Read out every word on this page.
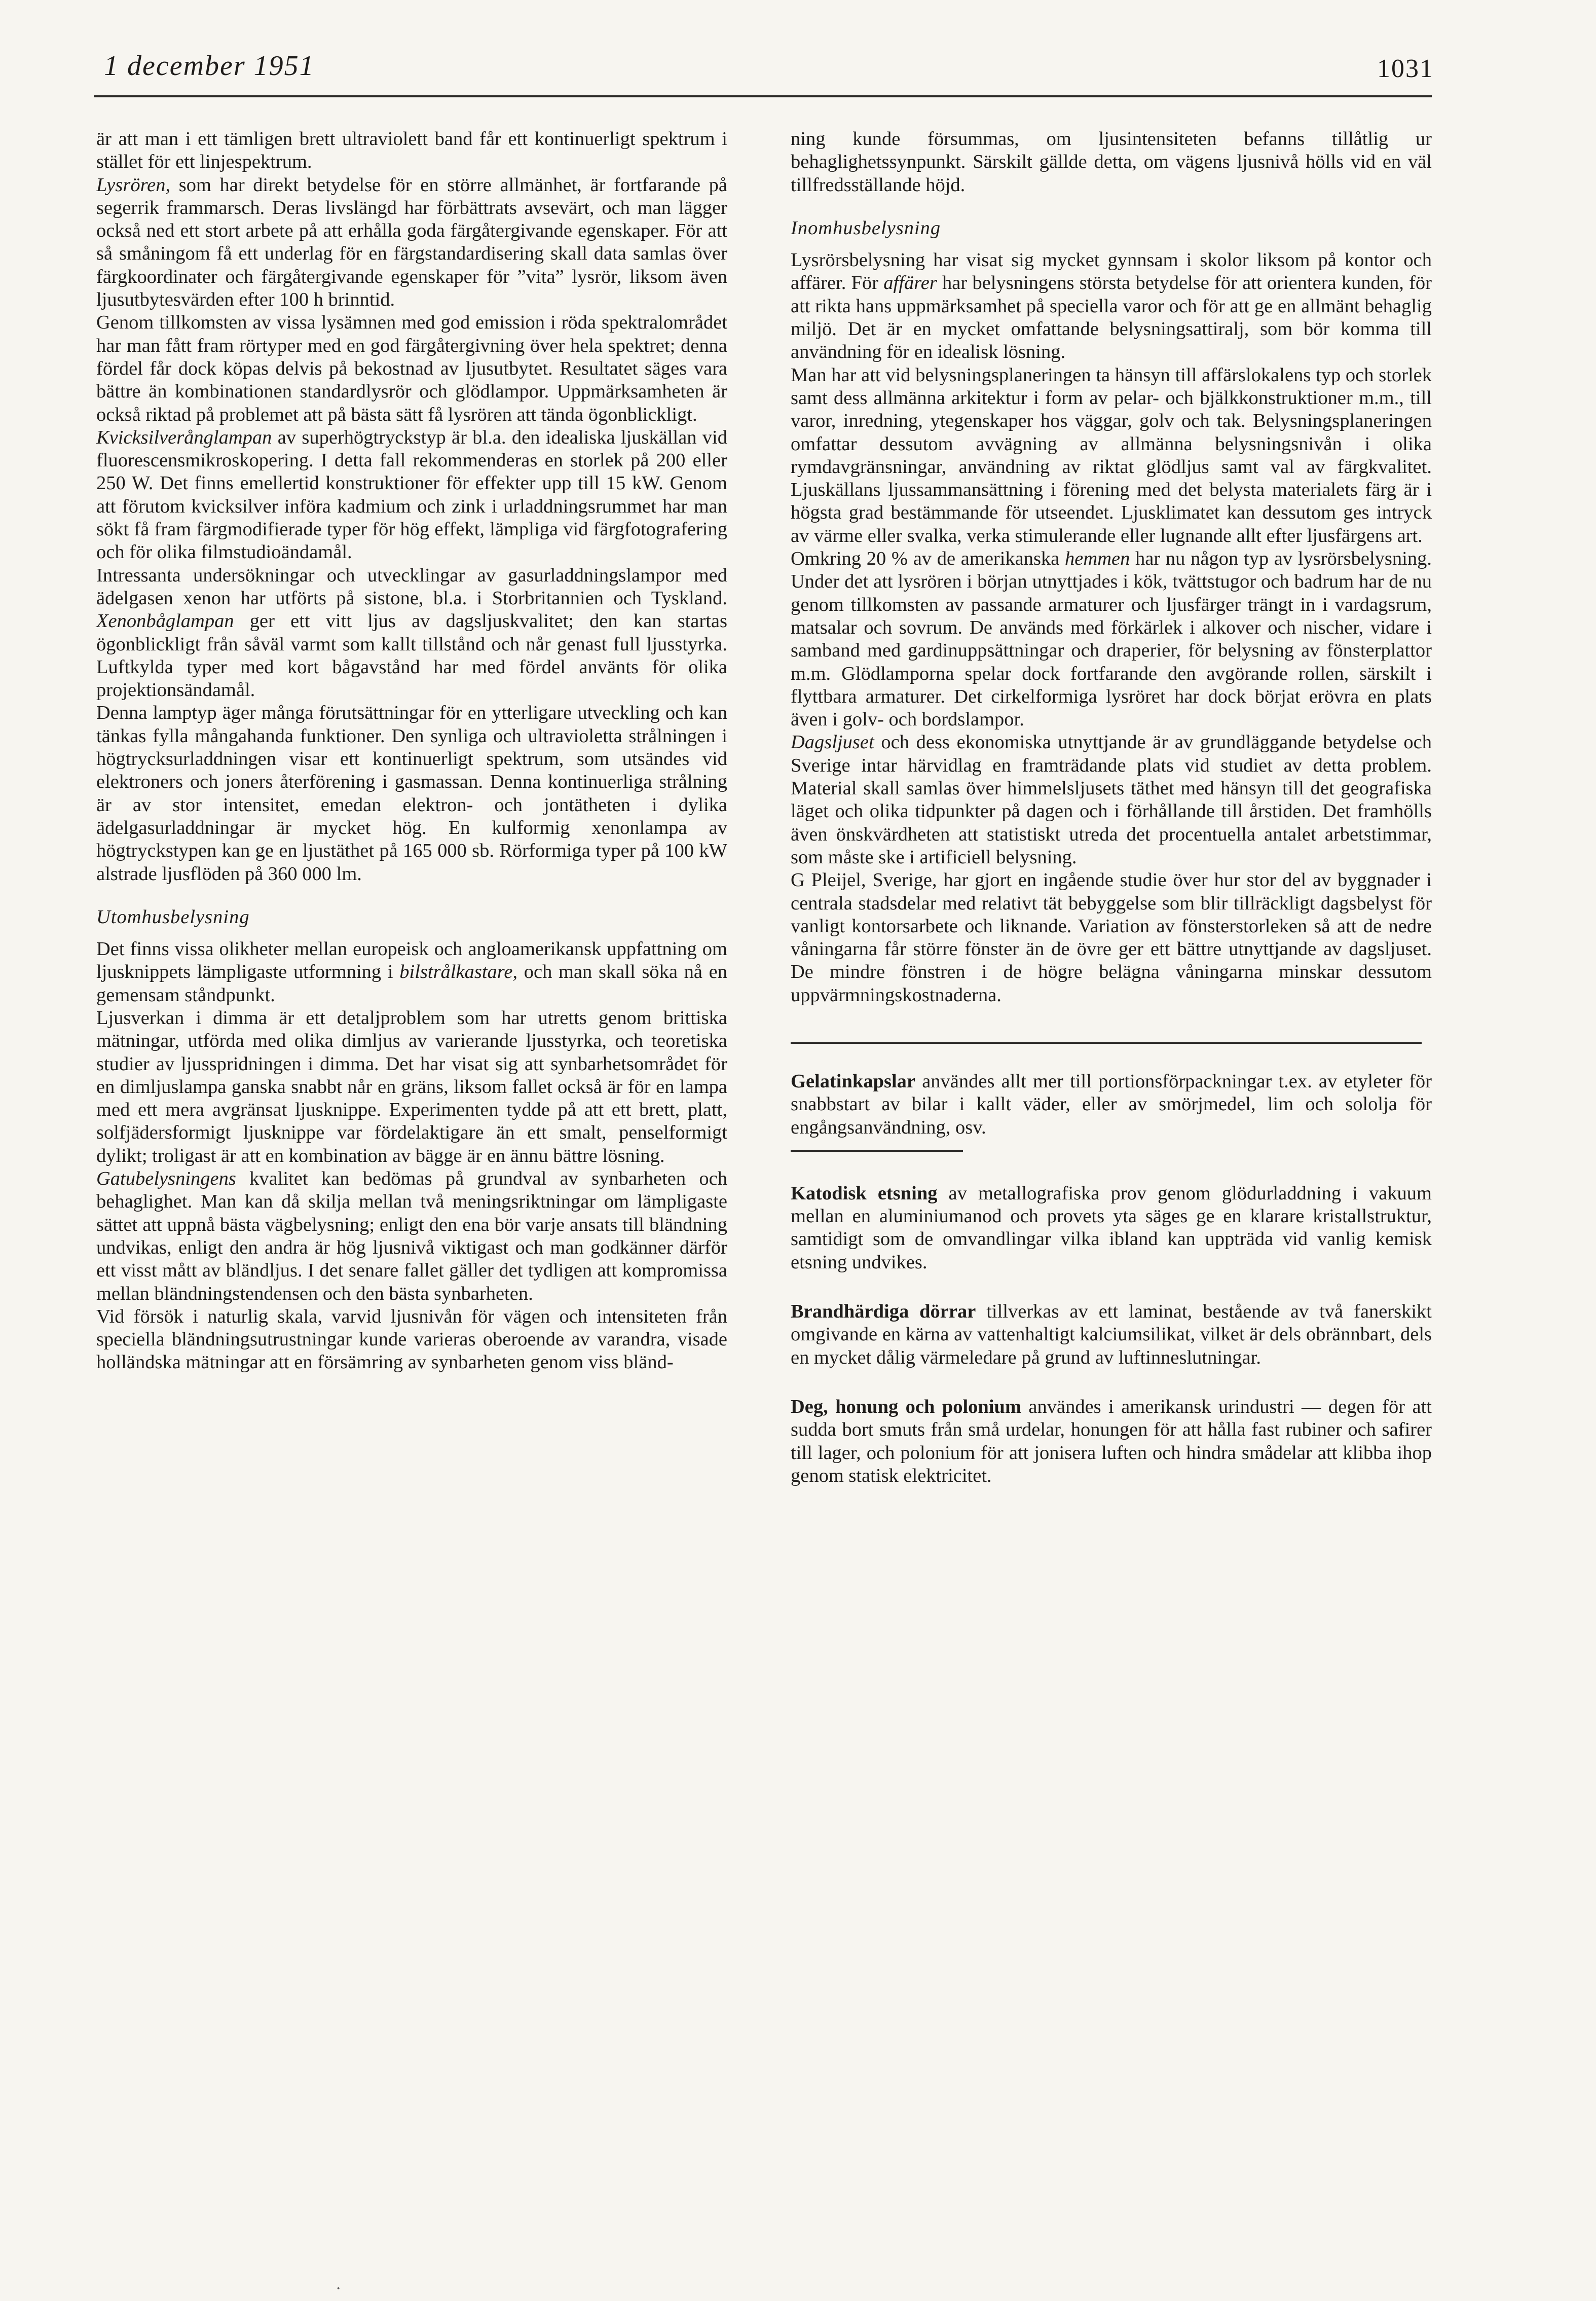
1 december 1951	1031

är att man i ett tämligen brett ultraviolett band får ett kontinuerligt spektrum i stället för ett linjespektrum.

Lysrören, som har direkt betydelse för en större allmänhet, är fortfarande på segerrik frammarsch. Deras livslängd har förbättrats avsevärt, och man lägger också ned ett stort arbete på att erhålla goda färgåtergivande egenskaper. För att så småningom få ett underlag för en färgstandardisering skall data samlas över färgkoordinater och färgåtergivande egenskaper för ”vita” lysrör, liksom även ljusutbytesvärden efter 100 h brinntid.

Genom tillkomsten av vissa lysämnen med god emission i röda spektralområdet har man fått fram rörtyper med en god färgåtergivning över hela spektret; denna fördel får dock köpas delvis på bekostnad av ljusutbytet. Resultatet säges vara bättre än kombinationen standardlysrör och glödlampor. Uppmärksamheten är också riktad på problemet att på bästa sätt få lysrören att tända ögonblickligt.

Kvicksilverånglampan av superhögtryckstyp är bl.a. den idealiska ljuskällan vid fluorescensmikroskopering. I detta fall rekommenderas en storlek på 200 eller 250 W. Det finns emellertid konstruktioner för effekter upp till 15 kW. Genom att förutom kvicksilver införa kadmium och zink i urladdningsrummet har man sökt få fram färgmodifierade typer för hög effekt, lämpliga vid färgfotografering och för olika filmstudioändamål.

Intressanta undersökningar och utvecklingar av gasurladdningslampor med ädelgasen xenon har utförts på sistone, bl.a. i Storbritannien och Tyskland. Xenonbåglampan ger ett vitt ljus av dagsljuskvalitet; den kan startas ögonblickligt från såväl varmt som kallt tillstånd och når genast full ljusstyrka. Luftkylda typer med kort bågavstånd har med fördel använts för olika projektionsändamål.

Denna lamptyp äger många förutsättningar för en ytterligare utveckling och kan tänkas fylla mångahanda funktioner. Den synliga och ultravioletta strålningen i högtrycksurladdningen visar ett kontinuerligt spektrum, som utsändes vid elektroners och joners återförening i gasmassan. Denna kontinuerliga strålning är av stor intensitet, emedan elektron- och jontätheten i dylika ädelgasurladdningar är mycket hög. En kulformig xenonlampa av högtryckstypen kan ge en ljustäthet på 165 000 sb. Rörformiga typer på 100 kW alstrade ljusflöden på 360 000 lm.

Utomhusbelysning

Det finns vissa olikheter mellan europeisk och angloamerikansk uppfattning om ljusknippets lämpligaste utformning i bilstrålkastare, och man skall söka nå en gemensam ståndpunkt.

Ljusverkan i dimma är ett detaljproblem som har utretts genom brittiska mätningar, utförda med olika dimljus av varierande ljusstyrka, och teoretiska studier av ljusspridningen i dimma. Det har visat sig att synbarhetsområdet för en dimljuslampa ganska snabbt når en gräns, liksom fallet också är för en lampa med ett mera avgränsat ljusknippe. Experimenten tydde på att ett brett, platt, solfjädersformigt ljusknippe var fördelaktigare än ett smalt, penselformigt dylikt; troligast är att en kombination av bägge är en ännu bättre lösning.

Gatubelysningens kvalitet kan bedömas på grundval av synbarheten och behaglighet. Man kan då skilja mellan två meningsriktningar om lämpligaste sättet att uppnå bästa vägbelysning; enligt den ena bör varje ansats till bländning undvikas, enligt den andra är hög ljusnivå viktigast och man godkänner därför ett visst mått av bländljus. I det senare fallet gäller det tydligen att kompromissa mellan bländningstendensen och den bästa synbarheten.

Vid försök i naturlig skala, varvid ljusnivån för vägen och intensiteten från speciella bländningsutrustningar kunde varieras oberoende av varandra, visade holländska mätningar att en försämring av synbarheten genom viss bländ-

ning kunde försummas, om ljusintensiteten befanns tillåtlig ur behaglighetssynpunkt. Särskilt gällde detta, om vägens ljusnivå hölls vid en väl tillfredsställande höjd.

Inomhusbelysning

Lysrörsbelysning har visat sig mycket gynnsam i skolor liksom på kontor och affärer. För affärer har belysningens största betydelse för att orientera kunden, för att rikta hans uppmärksamhet på speciella varor och för att ge en allmänt behaglig miljö. Det är en mycket omfattande belysningsattiralj, som bör komma till användning för en idealisk lösning.

Man har att vid belysningsplaneringen ta hänsyn till affärslokalens typ och storlek samt dess allmänna arkitektur i form av pelar- och bjälkkonstruktioner m.m., till varor, inredning, ytegenskaper hos väggar, golv och tak. Belysningsplaneringen omfattar dessutom avvägning av allmänna belysningsnivån i olika rymdavgränsningar, användning av riktat glödljus samt val av färgkvalitet. Ljuskällans ljussammansättning i förening med det belysta materialets färg är i högsta grad bestämmande för utseendet. Ljusklimatet kan dessutom ges intryck av värme eller svalka, verka stimulerande eller lugnande allt efter ljusfärgens art.

Omkring 20 % av de amerikanska hemmen har nu någon typ av lysrörsbelysning. Under det att lysrören i början utnyttjades i kök, tvättstugor och badrum har de nu genom tillkomsten av passande armaturer och ljusfärger trängt in i vardagsrum, matsalar och sovrum. De används med förkärlek i alkover och nischer, vidare i samband med gardinuppsättningar och draperier, för belysning av fönsterplattor m.m. Glödlamporna spelar dock fortfarande den avgörande rollen, särskilt i flyttbara armaturer. Det cirkelformiga lysröret har dock börjat erövra en plats även i golv- och bordslampor.

Dagsljuset och dess ekonomiska utnyttjande är av grundläggande betydelse och Sverige intar härvidlag en framträdande plats vid studiet av detta problem. Material skall samlas över himmelsljusets täthet med hänsyn till det geografiska läget och olika tidpunkter på dagen och i förhållande till årstiden. Det framhölls även önskvärdheten att statistiskt utreda det procentuella antalet arbetstimmar, som måste ske i artificiell belysning.

G Pleijel, Sverige, har gjort en ingående studie över hur stor del av byggnader i centrala stadsdelar med relativt tät bebyggelse som blir tillräckligt dagsbelyst för vanligt kontorsarbete och liknande. Variation av fönsterstorleken så att de nedre våningarna får större fönster än de övre ger ett bättre utnyttjande av dagsljuset. De mindre fönstren i de högre belägna våningarna minskar dessutom uppvärmningskostnaderna.

Gelatinkapslar användes allt mer till portionsförpackningar t.ex. av etyleter för snabbstart av bilar i kallt väder, eller av smörjmedel, lim och sololja för engångsanvändning, osv.

Katodisk etsning av metallografiska prov genom glödurladdning i vakuum mellan en aluminiumanod och provets yta säges ge en klarare kristallstruktur, samtidigt som de omvandlingar vilka ibland kan uppträda vid vanlig kemisk etsning undvikes.

Brandhärdiga dörrar tillverkas av ett laminat, bestående av två fanerskikt omgivande en kärna av vattenhaltigt kalciumsilikat, vilket är dels obrännbart, dels en mycket dålig värmeledare på grund av luftinneslutningar.

Deg, honung och polonium användes i amerikansk urindustri — degen för att sudda bort smuts från små urdelar, honungen för att hålla fast rubiner och safirer till lager, och polonium för att jonisera luften och hindra smådelar att klibba ihop genom statisk elektricitet.

·
